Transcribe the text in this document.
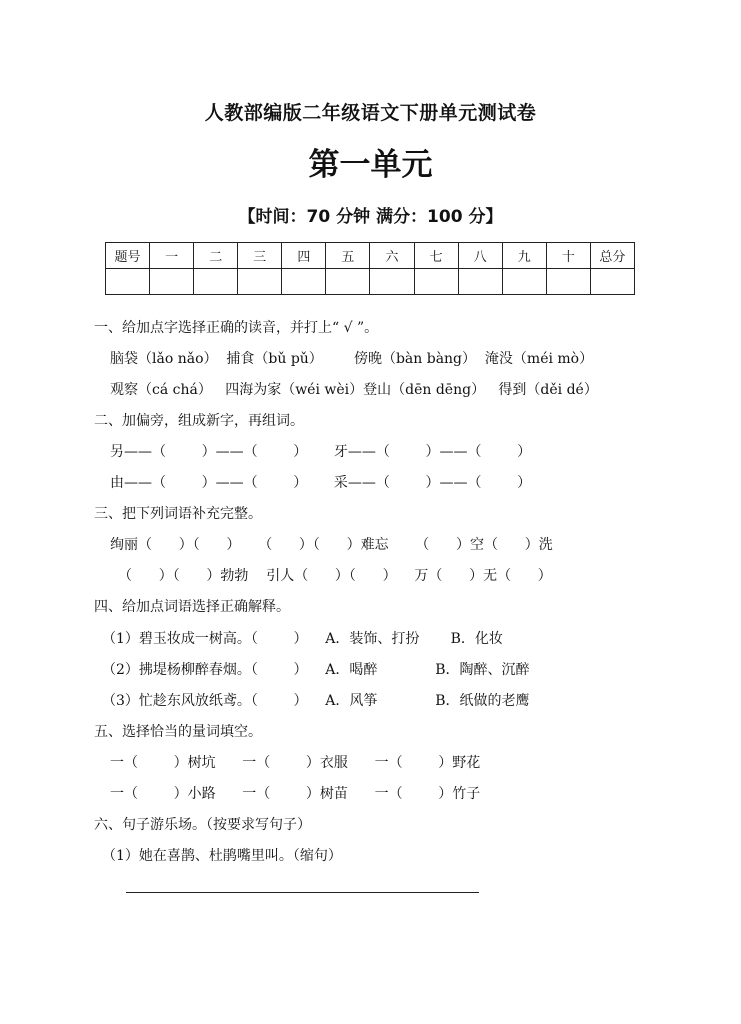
人教部编版二年级语文下册单元测试卷
第一单元
【时间：70 分钟 满分：100 分】
题号	一	二	三	四	五	六	七	八	九	十	总分

一、给加点字选择正确的读音，并打上“ √ ”。
脑袋（lǎo nǎo）  捕食（bǔ pǔ）       傍晚（bàn bàng）  淹没（méi mò）
观察（cá chá）   四海为家（wéi wèi）登山（dēn dēng）   得到（děi dé）
二、加偏旁，组成新字，再组词。
另——（        ）——（        ）      牙——（        ）——（        ）
由——（        ）——（        ）      采——（        ）——（        ）
三、把下列词语补充完整。
绚丽（      ）（      ）    （      ）（      ）难忘      （      ）空（      ）洗
（      ）（      ）勃勃    引人（      ）（      ）    万（      ）无（      ）
四、给加点词语选择正确解释。
（1）碧玉妆成一树高。（        ）    A．装饰、打扮       B．化妆
（2）拂堤杨柳醉春烟。（        ）    A．喝醉             B．陶醉、沉醉
（3）忙趁东风放纸鸢。（        ）    A．风筝             B．纸做的老鹰
五、选择恰当的量词填空。
一（        ）树坑      一（        ）衣服      一（        ）野花
一（        ）小路      一（        ）树苗      一（        ）竹子
六、句子游乐场。（按要求写句子）
（1）她在喜鹊、杜鹃嘴里叫。（缩句）
